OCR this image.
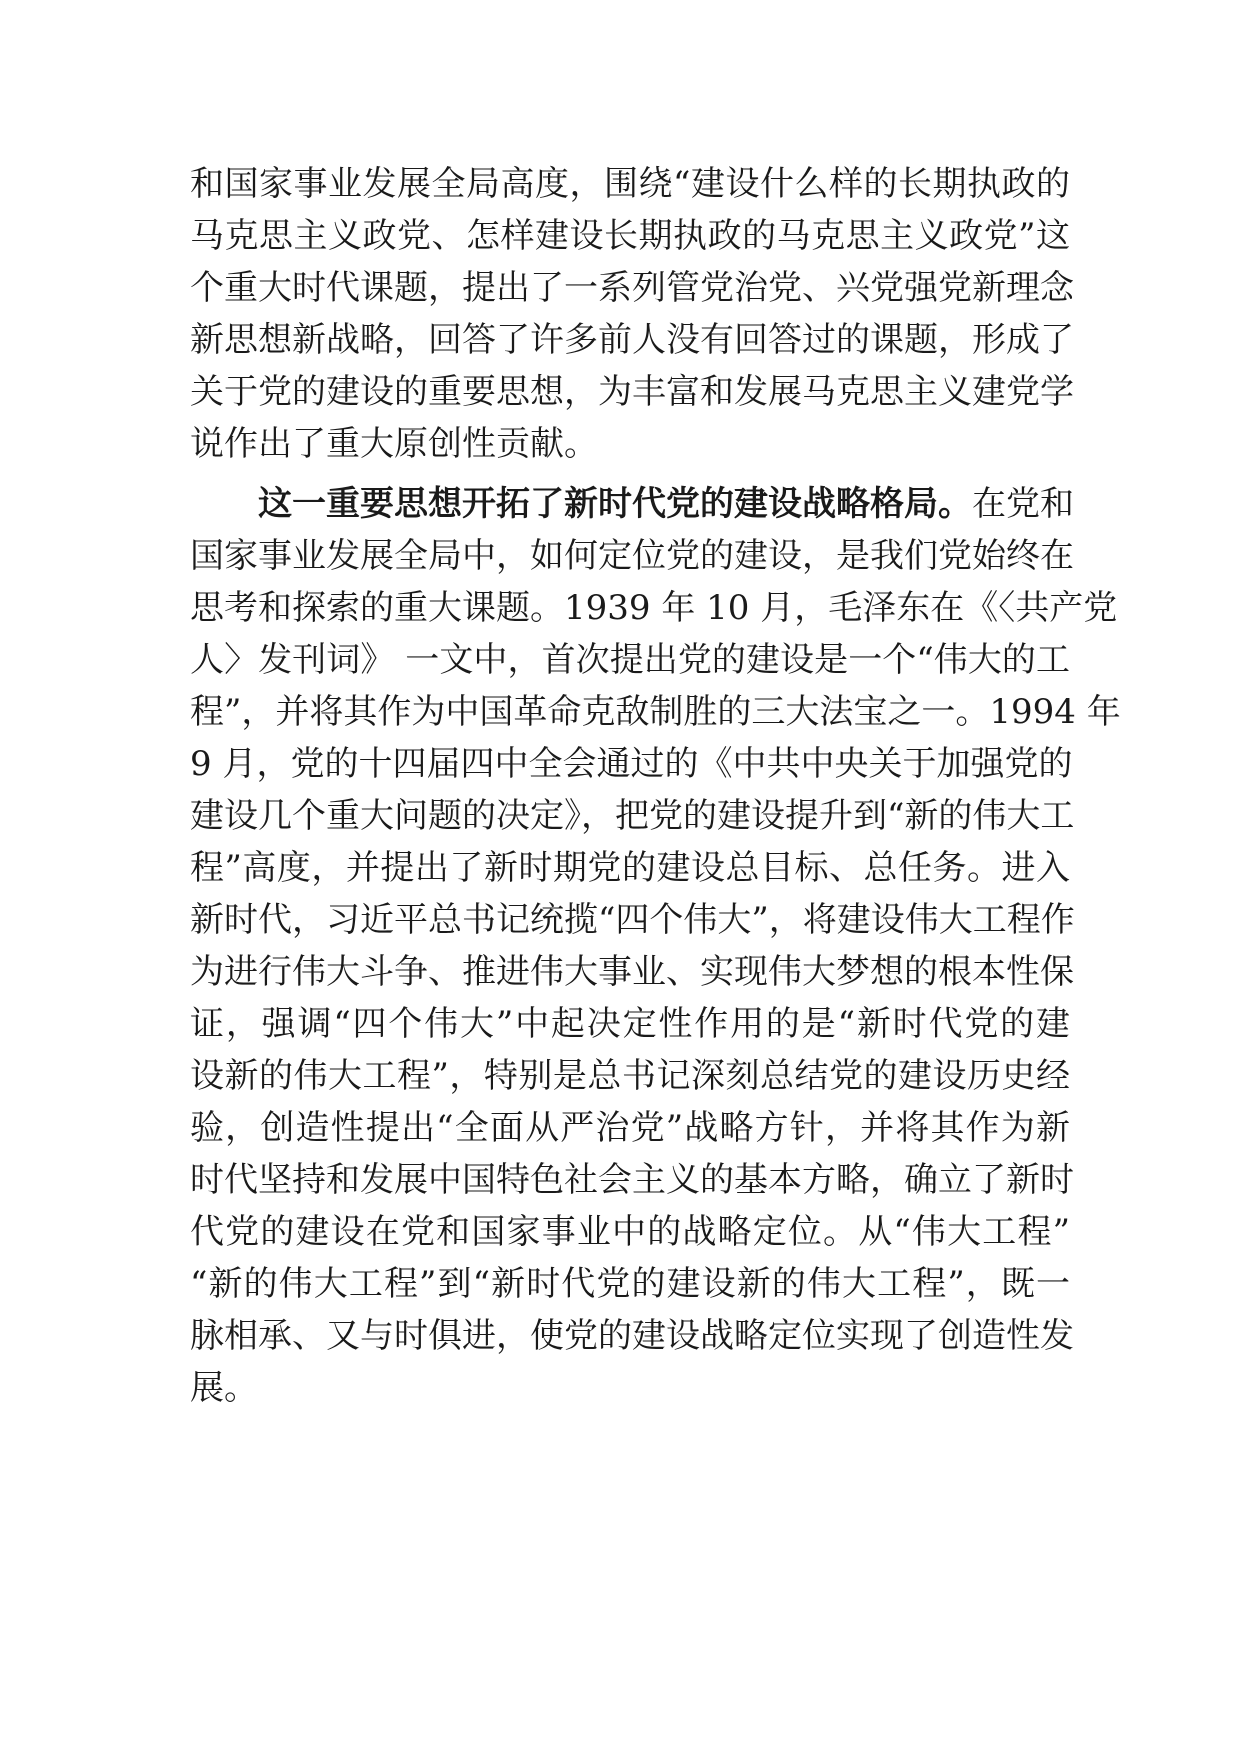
和国家事业发展全局高度，围绕“建设什么样的长期执政的
马克思主义政党、怎样建设长期执政的马克思主义政党”这
个重大时代课题，提出了一系列管党治党、兴党强党新理念
新思想新战略，回答了许多前人没有回答过的课题，形成了
关于党的建设的重要思想，为丰富和发展马克思主义建党学
说作出了重大原创性贡献。
这一重要思想开拓了新时代党的建设战略格局。在党和
国家事业发展全局中，如何定位党的建设，是我们党始终在
思考和探索的重大课题。1939 年 10 月，毛泽东在《〈共产党
人〉发刊词》 一文中，首次提出党的建设是一个“伟大的工
程”，并将其作为中国革命克敌制胜的三大法宝之一。1994 年
9 月，党的十四届四中全会通过的《中共中央关于加强党的
建设几个重大问题的决定》，把党的建设提升到“新的伟大工
程”高度，并提出了新时期党的建设总目标、总任务。进入
新时代，习近平总书记统揽“四个伟大”，将建设伟大工程作
为进行伟大斗争、推进伟大事业、实现伟大梦想的根本性保
证，强调“四个伟大”中起决定性作用的是“新时代党的建
设新的伟大工程”，特别是总书记深刻总结党的建设历史经
验，创造性提出“全面从严治党”战略方针，并将其作为新
时代坚持和发展中国特色社会主义的基本方略，确立了新时
代党的建设在党和国家事业中的战略定位。从“伟大工程”
“新的伟大工程”到“新时代党的建设新的伟大工程”，既一
脉相承、又与时俱进，使党的建设战略定位实现了创造性发
展。
